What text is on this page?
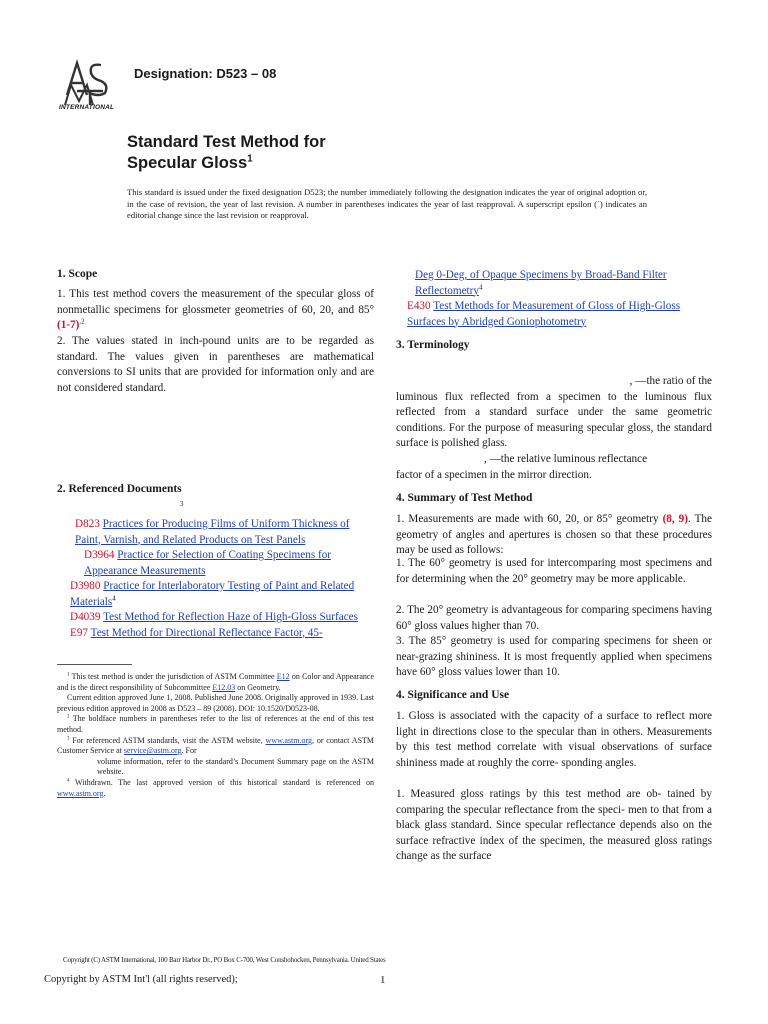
INTERNATIONAL
Designation: D523 – 08
Standard Test Method for
Specular Gloss$^1$
This standard is issued under the fixed designation D523; the number immediately following the designation indicates the year of original adoption or, in the case of revision, the year of last revision. A number in parentheses indicates the year of last reapproval. A superscript epsilon (´) indicates an editorial change since the last revision or reapproval.
1. Scope
1. This test method covers the measurement of the specular gloss of nonmetallic specimens for glossmeter geometries of 60, 20, and 85° $(1-7)^{.2}$
2. The values stated in inch-pound units are to be regarded as standard. The values given in parentheses are mathematical conversions to SI units that are provided for information only and are not considered standard.
2. Referenced Documents
3
D823 Practices for Producing Films of Uniform Thickness of Paint, Varnish, and Related Products on Test Panels
D3964 Practice for Selection of Coating Specimens for Appearance Measurements
D3980 Practice for Interlaboratory Testing of Paint and Related Materials$^4$
D4039 Test Method for Reflection Haze of High-Gloss Surfaces
E97 Test Method for Directional Reflectance Factor, 45-
$^1$ This test method is under the jurisdiction of ASTM Committee E12 on Color and Appearance and is the direct responsibility of Subcommittee E12.03 on Geometry.
Current edition approved June 1, 2008. Published June 2008. Originally approved in 1939. Last previous edition approved in 2008 as D523 – 89 (2008). DOI: 10.1520/D0523-08.
$^2$ The boldface numbers in parentheses refer to the list of references at the end of this test method.
$^3$ For referenced ASTM standards, visit the ASTM website, www.astm.org, or contact ASTM Customer Service at service@astm.org. For
volume information, refer to the standard’s Document Summary page on the ASTM website.
$^4$ Withdrawn. The last approved version of this historical standard is referenced on www.astm.org.
Deg 0-Deg, of Opaque Specimens by Broad-Band Filter Reflectometry$^4$
E430 Test Methods for Measurement of Gloss of High-Gloss Surfaces by Abridged Goniophotometry
3. Terminology
, —the ratio of the
luminous flux reflected from a specimen to the luminous flux reflected from a standard surface under the same geometric conditions. For the purpose of measuring specular gloss, the standard surface is polished glass.
, —the relative luminous reflectance
factor of a specimen in the mirror direction.
4. Summary of Test Method
1. Measurements are made with 60, 20, or 85° geometry (8, 9). The geometry of angles and apertures is chosen so that these procedures may be used as follows:
1. The 60° geometry is used for intercomparing most specimens and for determining when the 20° geometry may be more applicable.
2. The 20° geometry is advantageous for comparing specimens having 60° gloss values higher than 70.
3. The 85° geometry is used for comparing specimens for sheen or near-grazing shininess. It is most frequently applied when specimens have 60° gloss values lower than 10.
4. Significance and Use
1. Gloss is associated with the capacity of a surface to reflect more light in directions close to the specular than in others. Measurements by this test method correlate with visual observations of surface shininess made at roughly the corre- sponding angles.
1. Measured gloss ratings by this test method are ob- tained by comparing the specular reflectance from the speci- men to that from a black glass standard. Since specular reflectance depends also on the surface refractive index of the specimen, the measured gloss ratings change as the surface
Copyright (C) ASTM International, 100 Barr Harbor Dr., PO Box C-700, West Conshohocken, Pennsylvania. United States
Copyright by ASTM Int'l (all rights reserved);	1
